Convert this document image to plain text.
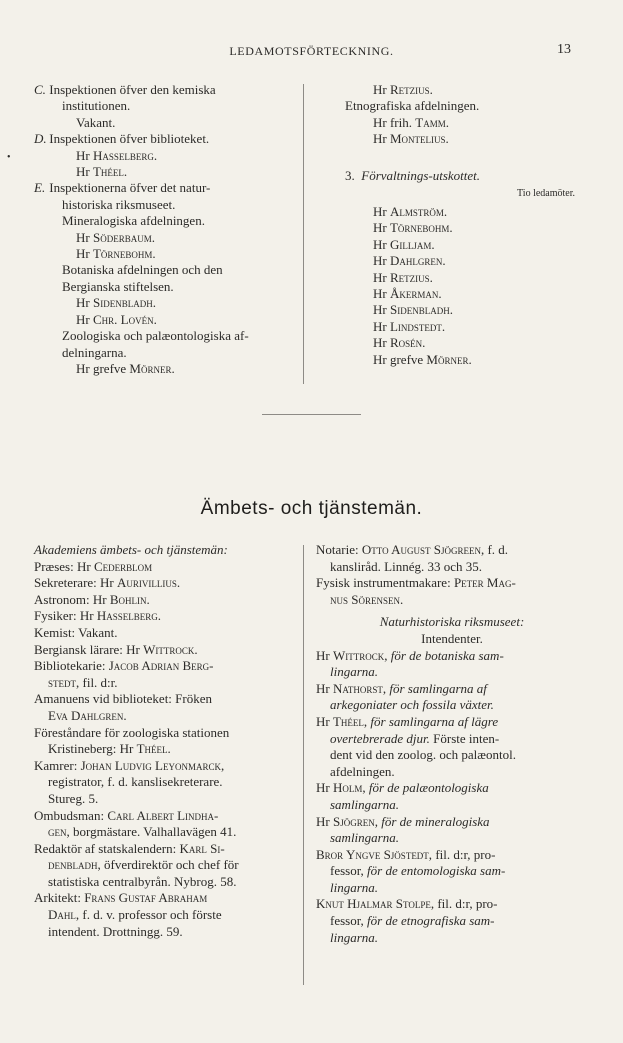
LEDAMOTSFÖRTECKNING.	13
•
C. Inspektionen öfver den kemiska
institutionen.
Vakant.
D. Inspektionen öfver biblioteket.
Hr Hasselberg.
Hr Théel.
E. Inspektionerna öfver det natur-
historiska riksmuseet.
Mineralogiska afdelningen.
Hr Söderbaum.
Hr Törnebohm.
Botaniska afdelningen och den
Bergianska stiftelsen.
Hr Sidenbladh.
Hr Chr. Lovén.
Zoologiska och palæontologiska af-
delningarna.
Hr grefve Mörner.
Hr Retzius.
Etnografiska afdelningen.
Hr frih. Tamm.
Hr Montelius.
3. Förvaltnings-utskottet.
Tio ledamöter.
Hr Almström.
Hr Törnebohm.
Hr Gilljam.
Hr Dahlgren.
Hr Retzius.
Hr Åkerman.
Hr Sidenbladh.
Hr Lindstedt.
Hr Rosén.
Hr grefve Mörner.
Ämbets- och tjänstemän.
Akademiens ämbets- och tjänstemän:
Præses: Hr Cederblom
Sekreterare: Hr Aurivillius.
Astronom: Hr Bohlin.
Fysiker: Hr Hasselberg.
Kemist: Vakant.
Bergiansk lärare: Hr Wittrock.
Bibliotekarie: Jacob Adrian Berg-
stedt, fil. d:r.
Amanuens vid biblioteket: Fröken
Eva Dahlgren.
Föreståndare för zoologiska stationen
Kristineberg: Hr Théel.
Kamrer: Johan Ludvig Leyonmarck,
registrator, f. d. kanslisekreterare.
Stureg. 5.
Ombudsman: Carl Albert Lindha-
gen, borgmästare. Valhallavägen 41.
Redaktör af statskalendern: Karl Si-
denbladh, öfverdirektör och chef för
statistiska centralbyrån. Nybrog. 58.
Arkitekt: Frans Gustaf Abraham
Dahl, f. d. v. professor och förste
intendent. Drottningg. 59.
Notarie: Otto August Sjögreen, f. d.
kansliråd. Linnég. 33 och 35.
Fysisk instrumentmakare: Peter Mag-
nus Sörensen.
Naturhistoriska riksmuseet:
Intendenter.
Hr Wittrock, för de botaniska sam-
lingarna.
Hr Nathorst, för samlingarna af
arkegoniater och fossila växter.
Hr Théel, för samlingarna af lägre
overtebrerade djur. Förste inten-
dent vid den zoolog. och palæontol.
afdelningen.
Hr Holm, för de palæontologiska
samlingarna.
Hr Sjögren, för de mineralogiska
samlingarna.
Bror Yngve Sjöstedt, fil. d:r, pro-
fessor, för de entomologiska sam-
lingarna.
Knut Hjalmar Stolpe, fil. d:r, pro-
fessor, för de etnografiska sam-
lingarna.
